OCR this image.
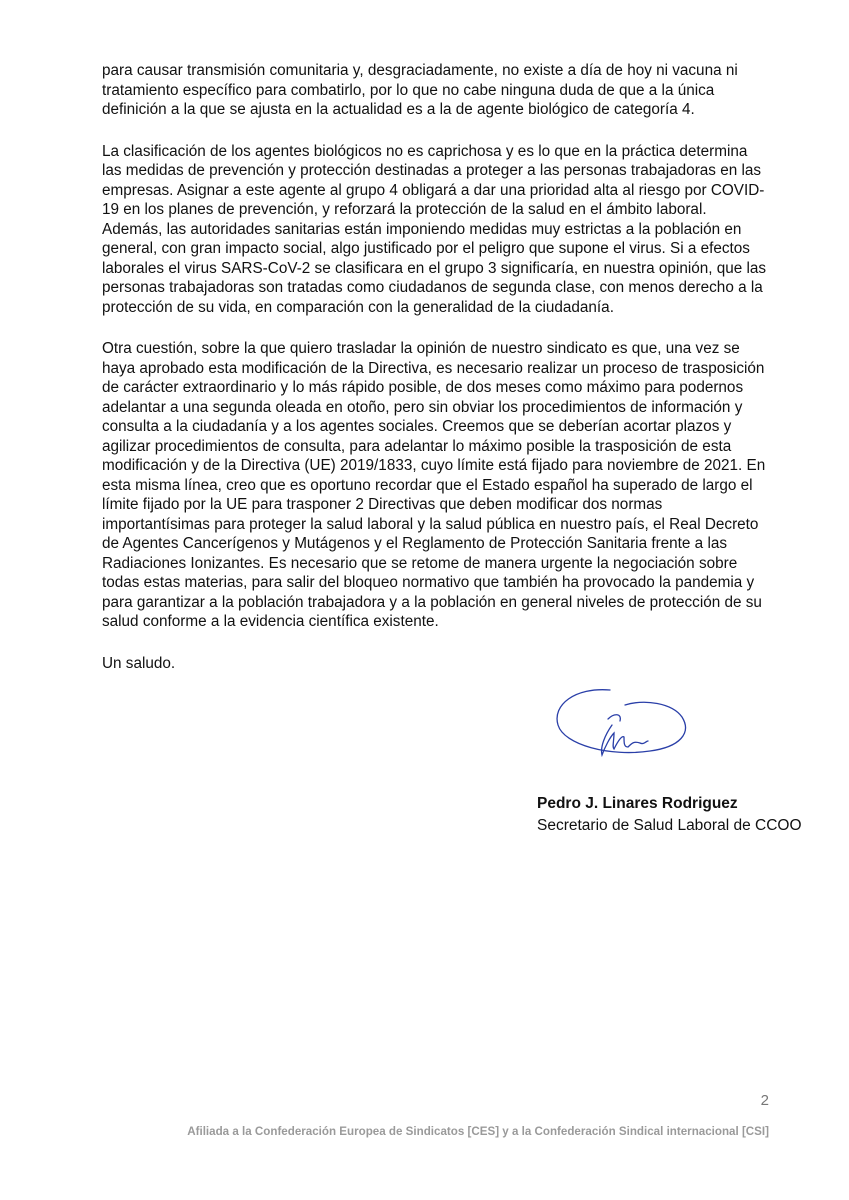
para causar transmisión comunitaria y, desgraciadamente, no existe a día de hoy ni vacuna ni tratamiento específico para combatirlo, por lo que no cabe ninguna duda de que a la única definición a la que se ajusta en la actualidad es a la de agente biológico de categoría 4.

La clasificación de los agentes biológicos no es caprichosa y es lo que en la práctica determina las medidas de prevención y protección destinadas a proteger a las personas trabajadoras en las empresas. Asignar a este agente al grupo 4 obligará a dar una prioridad alta al riesgo por COVID-19 en los planes de prevención, y reforzará la protección de la salud en el ámbito laboral. Además, las autoridades sanitarias están imponiendo medidas muy estrictas a la población en general, con gran impacto social, algo justificado por el peligro que supone el virus. Si a efectos laborales el virus SARS-CoV-2 se clasificara en el grupo 3 significaría, en nuestra opinión, que las personas trabajadoras son tratadas como ciudadanos de segunda clase, con menos derecho a la protección de su vida, en comparación con la generalidad de la ciudadanía.

Otra cuestión, sobre la que quiero trasladar la opinión de nuestro sindicato es que, una vez se haya aprobado esta modificación de la Directiva, es necesario realizar un proceso de trasposición de carácter extraordinario y lo más rápido posible, de dos meses como máximo para podernos adelantar a una segunda oleada en otoño, pero sin obviar los procedimientos de información y consulta a la ciudadanía y a los agentes sociales. Creemos que se deberían acortar plazos y agilizar procedimientos de consulta, para adelantar lo máximo posible la trasposición de esta modificación y de la Directiva (UE) 2019/1833, cuyo límite está fijado para noviembre de 2021. En esta misma línea, creo que es oportuno recordar que el Estado español ha superado de largo el límite fijado por la UE para trasponer 2 Directivas que deben modificar dos normas importantísimas para proteger la salud laboral y la salud pública en nuestro país, el Real Decreto de Agentes Cancerígenos y Mutágenos y el Reglamento de Protección Sanitaria frente a las Radiaciones Ionizantes. Es necesario que se retome de manera urgente la negociación sobre todas estas materias, para salir del bloqueo normativo que también ha provocado la pandemia y para garantizar a la población trabajadora y a la población en general niveles de protección de su salud conforme a la evidencia científica existente.

Un saludo.

Pedro J. Linares Rodriguez
Secretario de Salud Laboral de CCOO
2
Afiliada a la Confederación Europea de Sindicatos [CES] y a la Confederación Sindical internacional [CSI]
